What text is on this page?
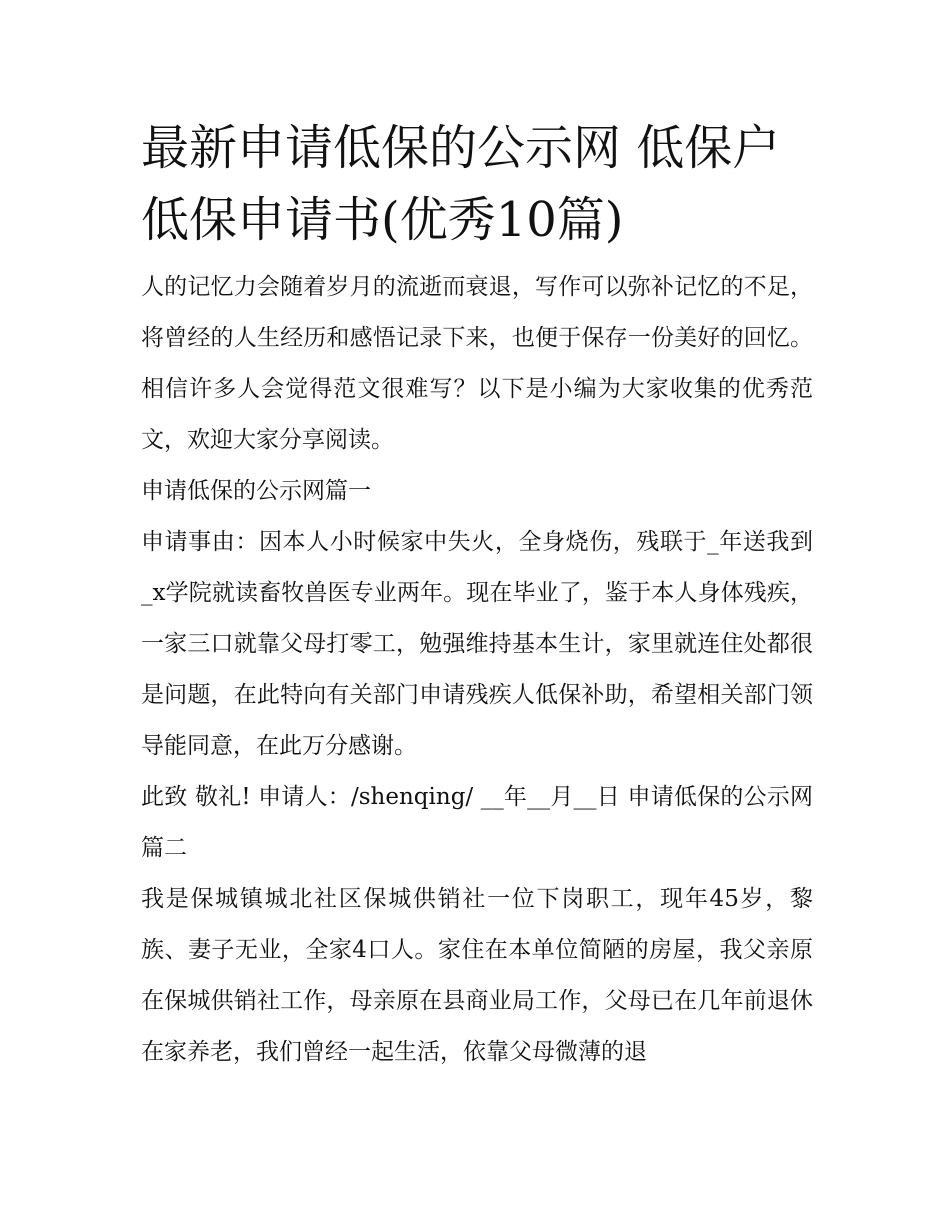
最新申请低保的公示网 低保户低保申请书(优秀10篇)

人的记忆力会随着岁月的流逝而衰退，写作可以弥补记忆的不足，将曾经的人生经历和感悟记录下来，也便于保存一份美好的回忆。相信许多人会觉得范文很难写？以下是小编为大家收集的优秀范文，欢迎大家分享阅读。

申请低保的公示网篇一

申请事由：因本人小时候家中失火，全身烧伤，残联于_年送我到_x学院就读畜牧兽医专业两年。现在毕业了，鉴于本人身体残疾，一家三口就靠父母打零工，勉强维持基本生计，家里就连住处都很是问题，在此特向有关部门申请残疾人低保补助，希望相关部门领导能同意，在此万分感谢。

此致 敬礼! 申请人：/shenqing/ __年__月__日 申请低保的公示网篇二

我是保城镇城北社区保城供销社一位下岗职工，现年45岁，黎族、妻子无业，全家4口人。家住在本单位简陋的房屋，我父亲原在保城供销社工作，母亲原在县商业局工作，父母已在几年前退休在家养老，我们曾经一起生活，依靠父母微薄的退
